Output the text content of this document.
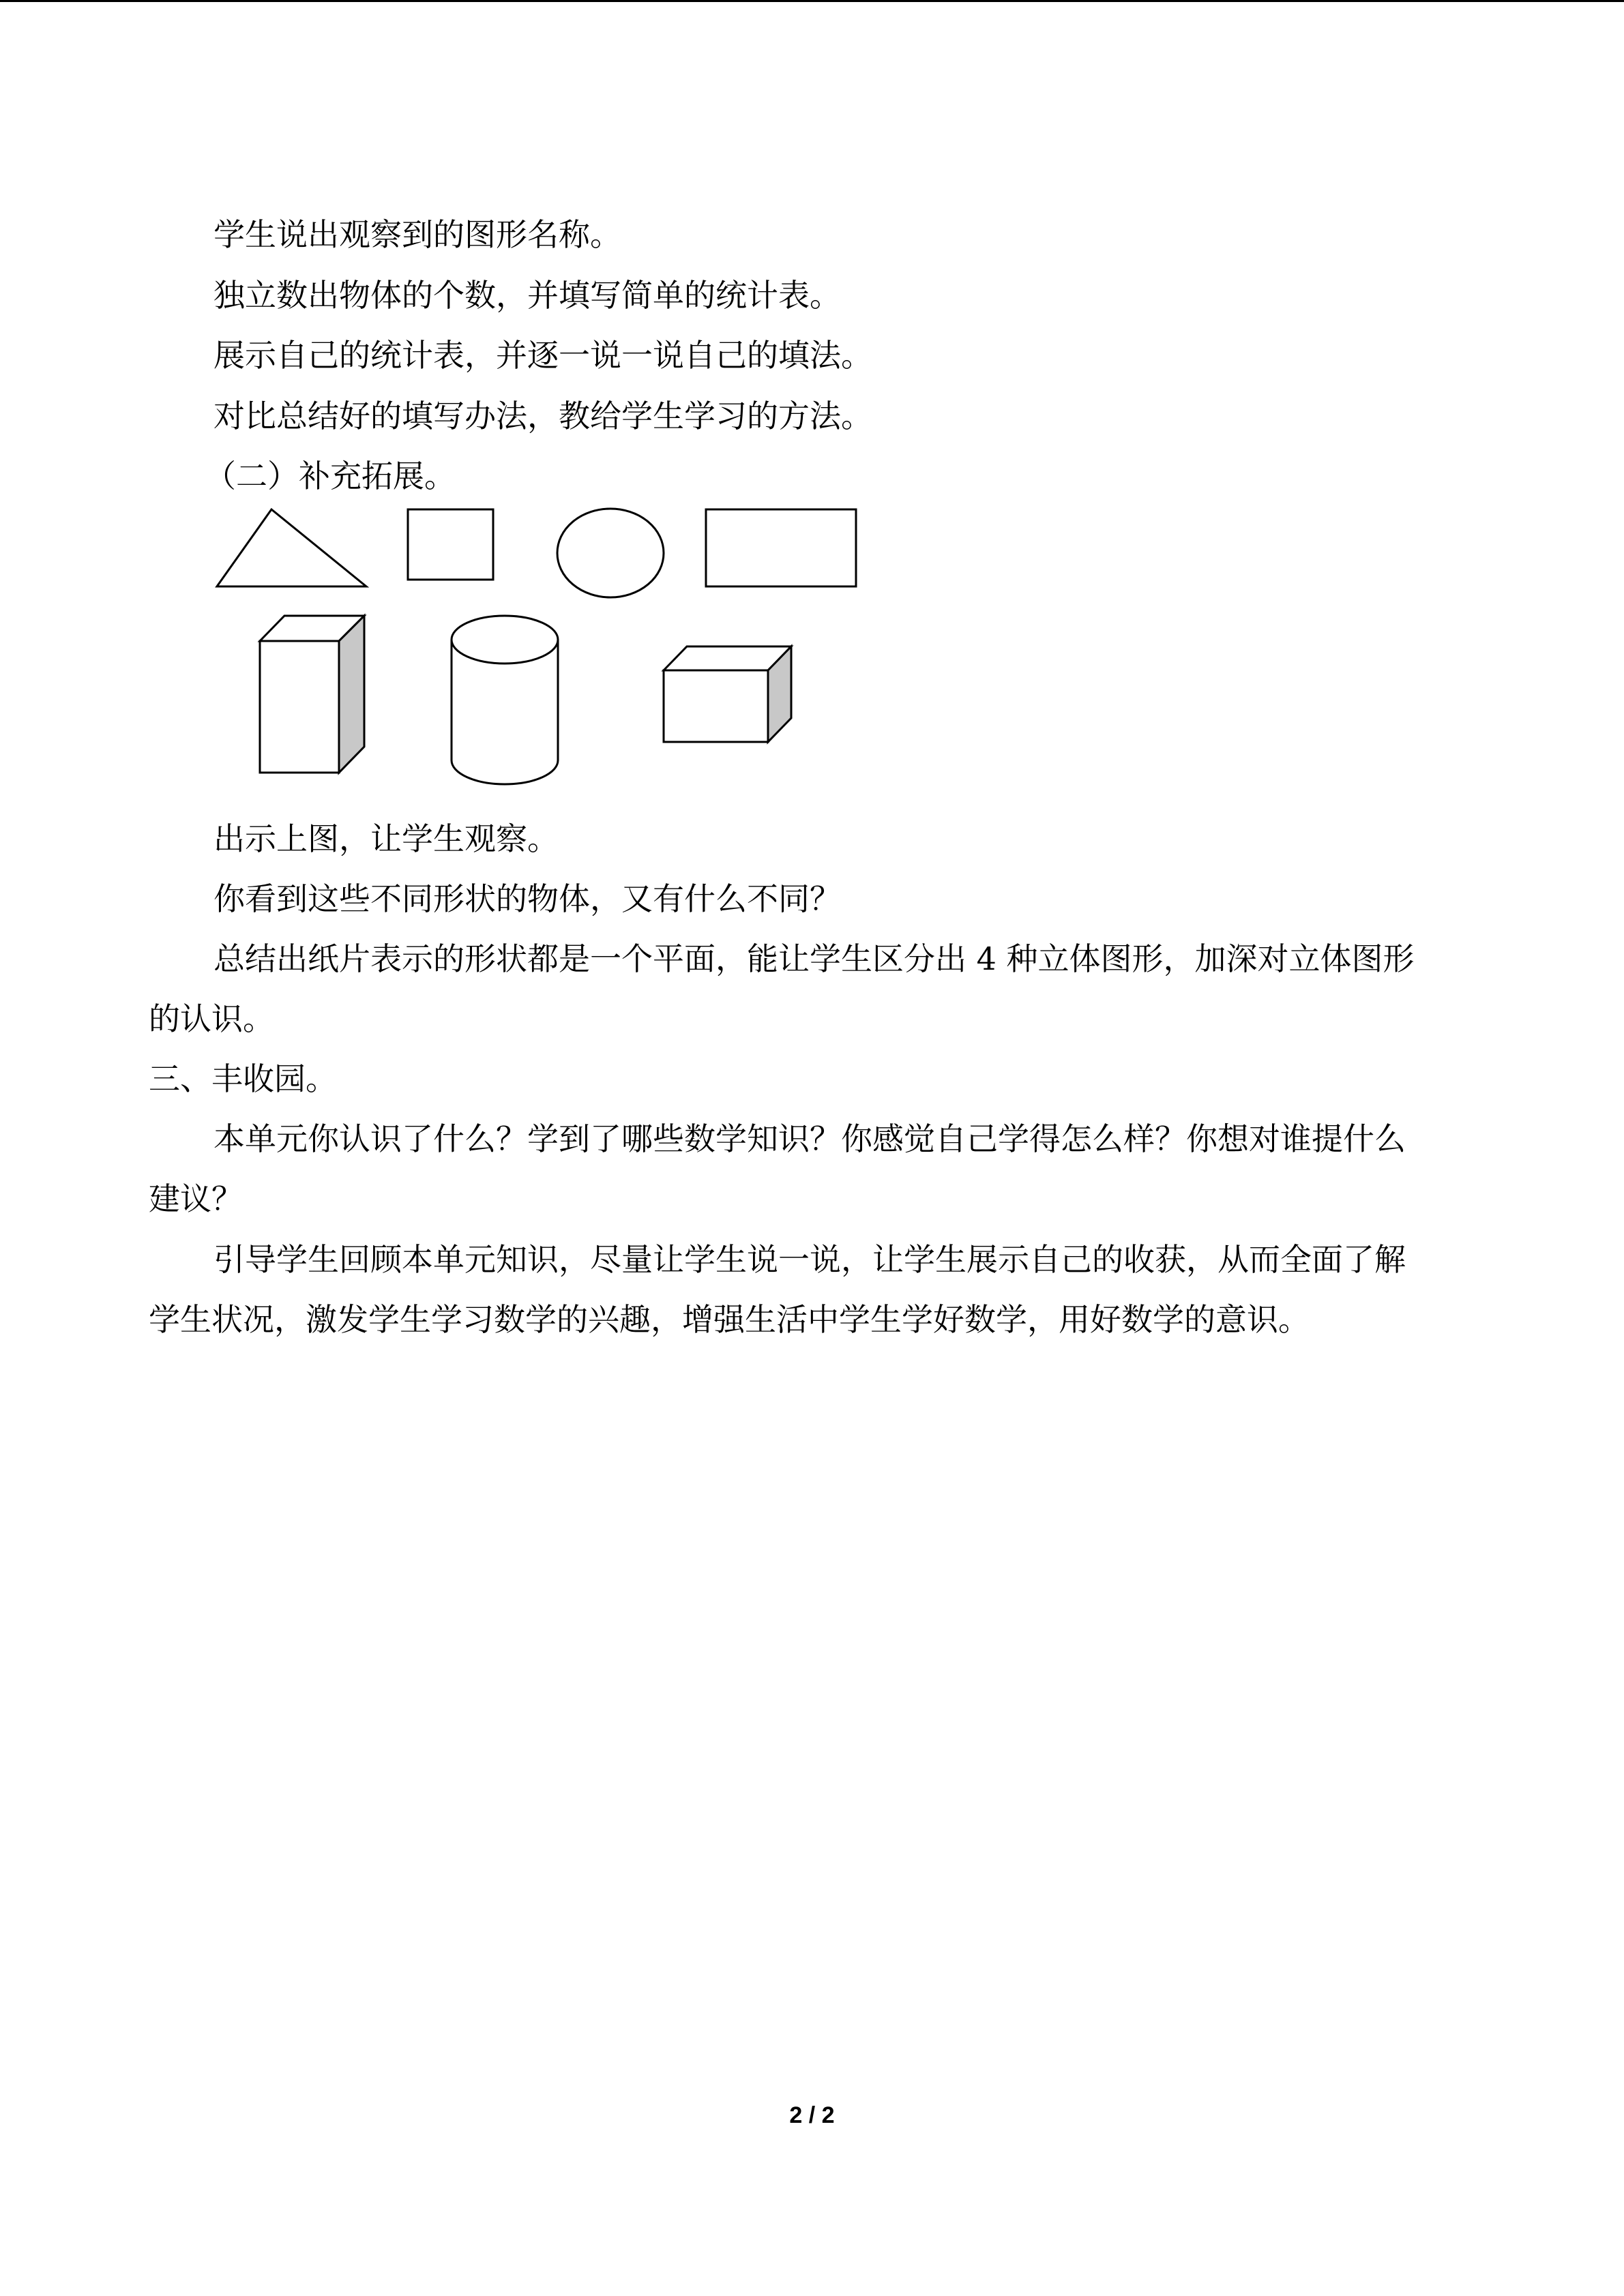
学生说出观察到的图形名称。
独立数出物体的个数，并填写简单的统计表。
展示自己的统计表，并逐一说一说自己的填法。
对比总结好的填写办法，教给学生学习的方法。
（二）补充拓展。
出示上图，让学生观察。
你看到这些不同形状的物体，又有什么不同？
总结出纸片表示的形状都是一个平面，能让学生区分出 4 种立体图形，加深对立体图形
的认识。
三、丰收园。
本单元你认识了什么？学到了哪些数学知识？你感觉自己学得怎么样？你想对谁提什么
建议？
引导学生回顾本单元知识，尽量让学生说一说，让学生展示自己的收获，从而全面了解
学生状况，激发学生学习数学的兴趣，增强生活中学生学好数学，用好数学的意识。
2 / 2
